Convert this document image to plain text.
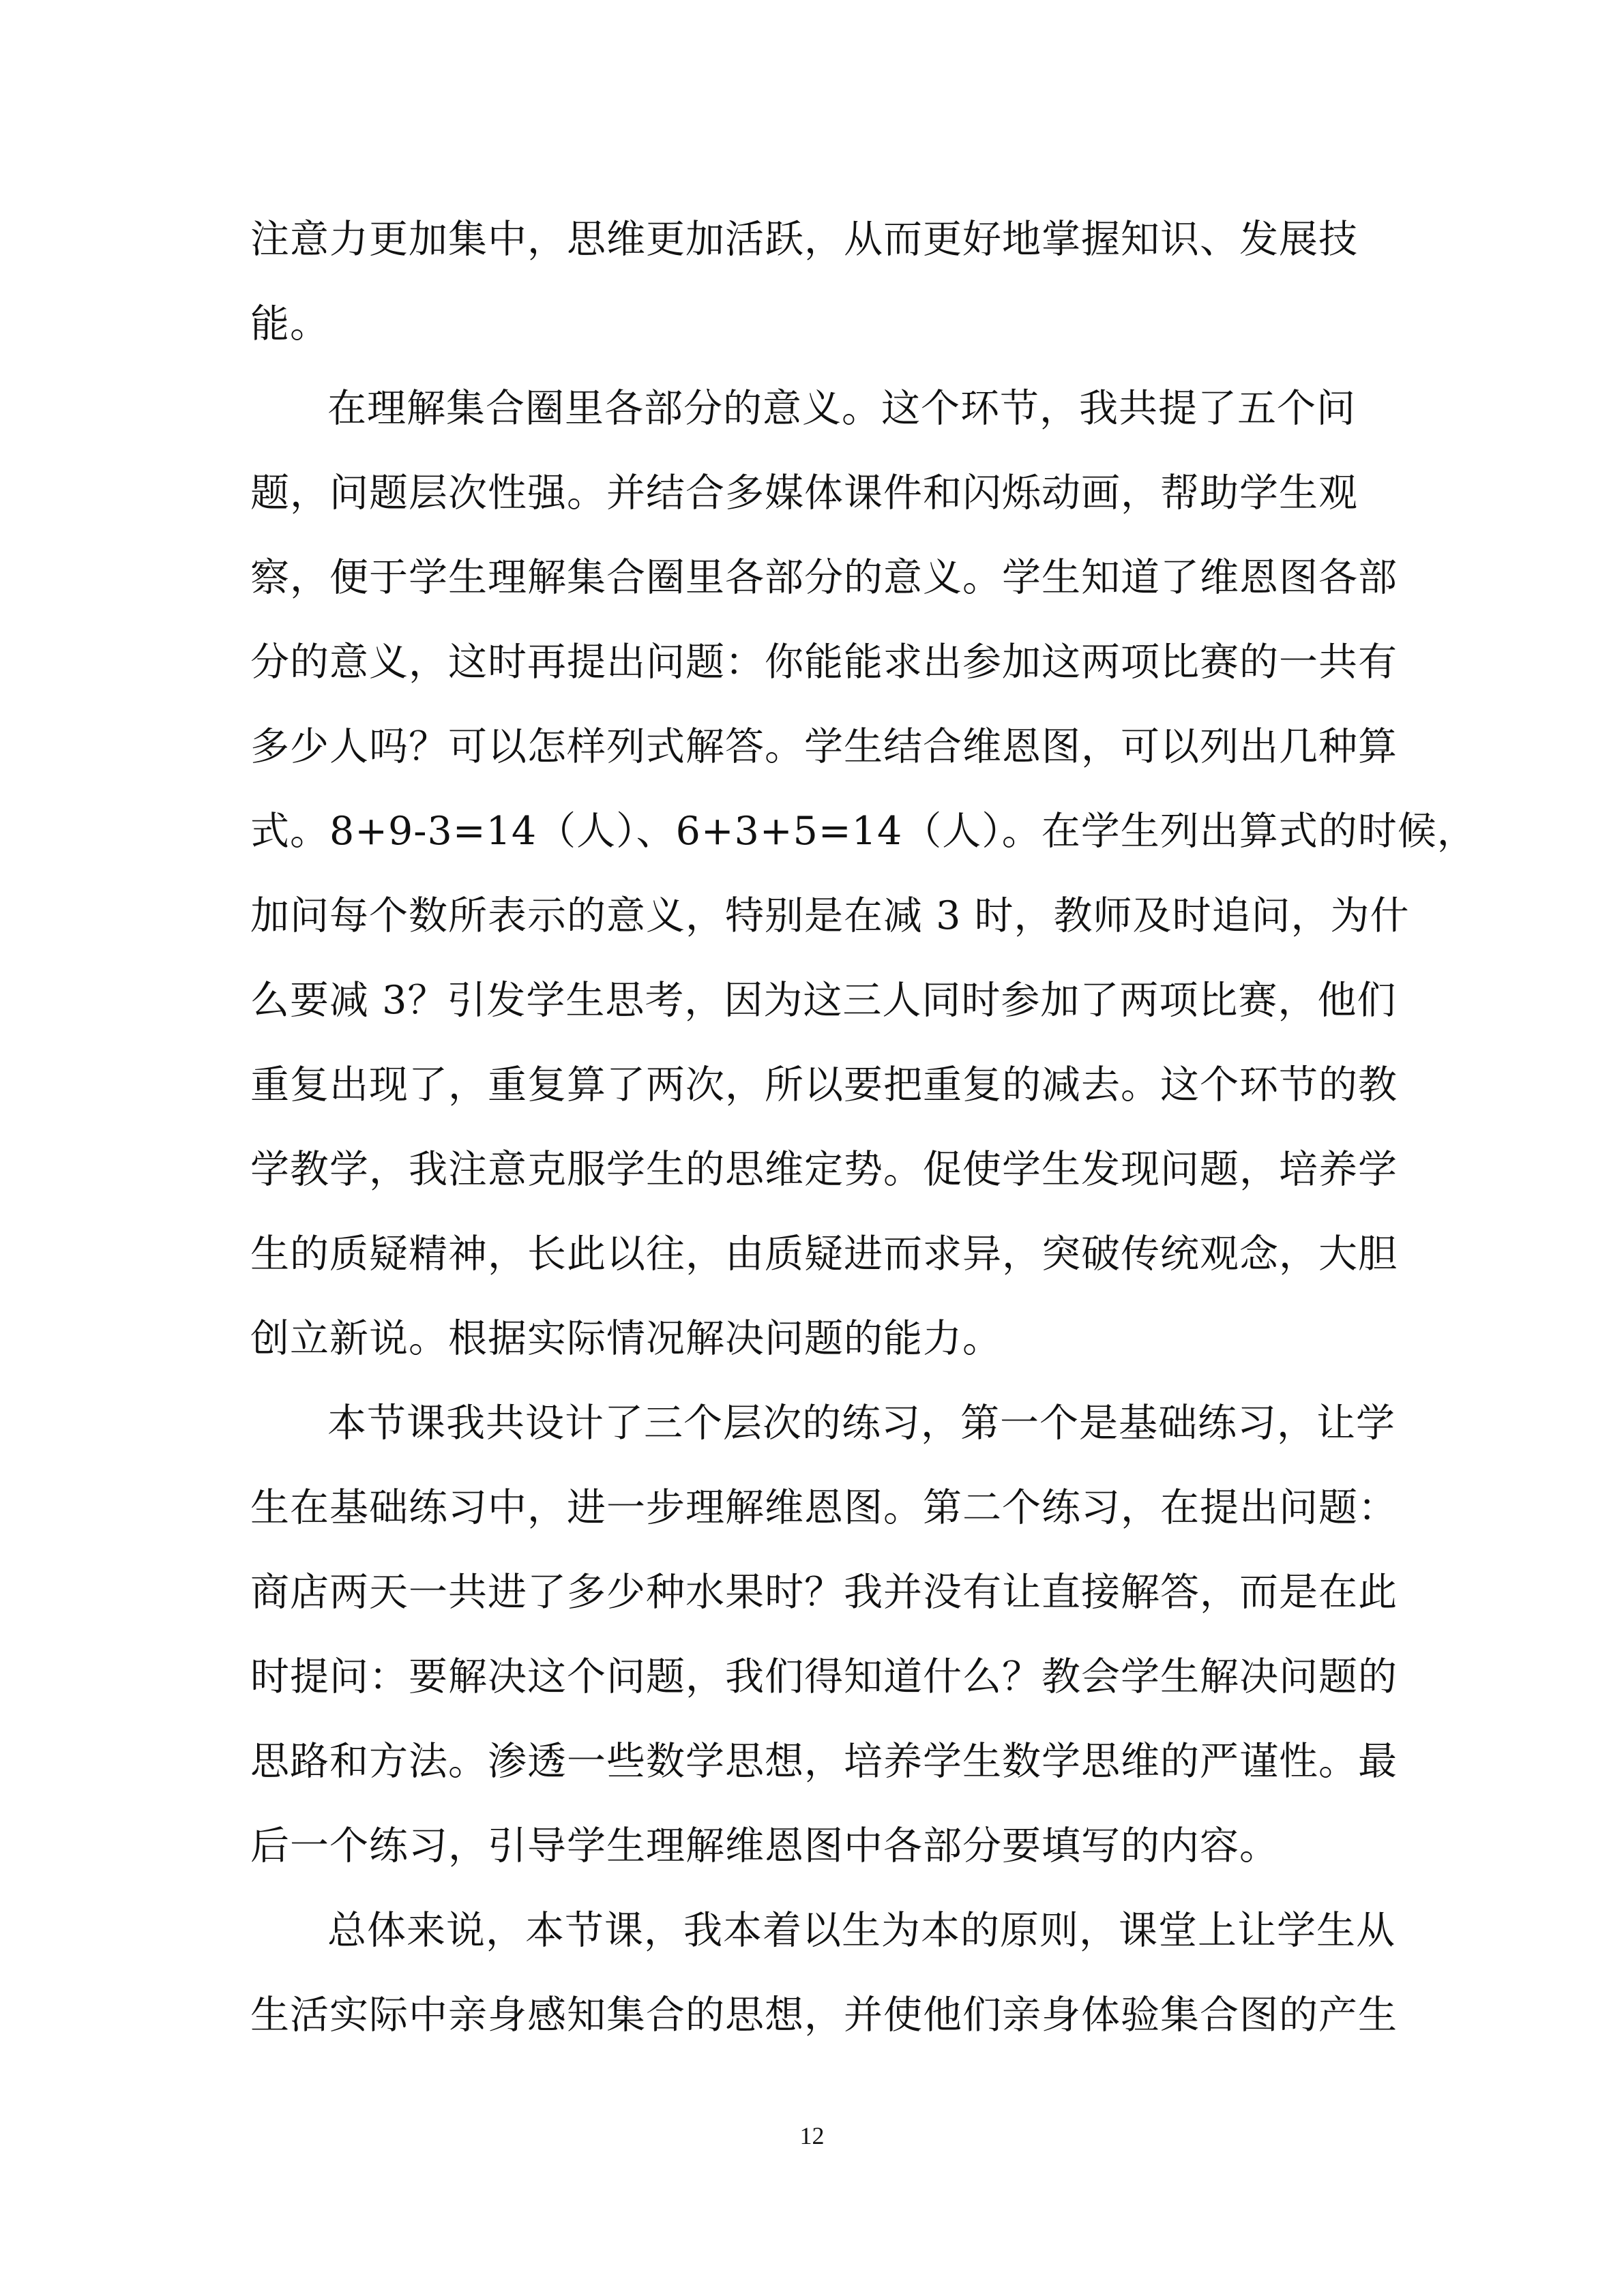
注意力更加集中，思维更加活跃，从而更好地掌握知识、发展技
能。
在理解集合圈里各部分的意义。这个环节，我共提了五个问
题，问题层次性强。并结合多媒体课件和闪烁动画，帮助学生观
察，便于学生理解集合圈里各部分的意义。学生知道了维恩图各部
分的意义，这时再提出问题：你能能求出参加这两项比赛的一共有
多少人吗？可以怎样列式解答。学生结合维恩图，可以列出几种算
式。8+9-3=14（人）、6+3+5=14（人）。在学生列出算式的时候，
加问每个数所表示的意义，特别是在减 3 时，教师及时追问，为什
么要减 3？引发学生思考，因为这三人同时参加了两项比赛，他们
重复出现了，重复算了两次，所以要把重复的减去。这个环节的教
学教学，我注意克服学生的思维定势。促使学生发现问题，培养学
生的质疑精神，长此以往，由质疑进而求异，突破传统观念，大胆
创立新说。根据实际情况解决问题的能力。
本节课我共设计了三个层次的练习，第一个是基础练习，让学
生在基础练习中，进一步理解维恩图。第二个练习，在提出问题：
商店两天一共进了多少种水果时？我并没有让直接解答，而是在此
时提问：要解决这个问题，我们得知道什么？教会学生解决问题的
思路和方法。渗透一些数学思想，培养学生数学思维的严谨性。最
后一个练习，引导学生理解维恩图中各部分要填写的内容。
总体来说，本节课，我本着以生为本的原则，课堂上让学生从
生活实际中亲身感知集合的思想，并使他们亲身体验集合图的产生
12
